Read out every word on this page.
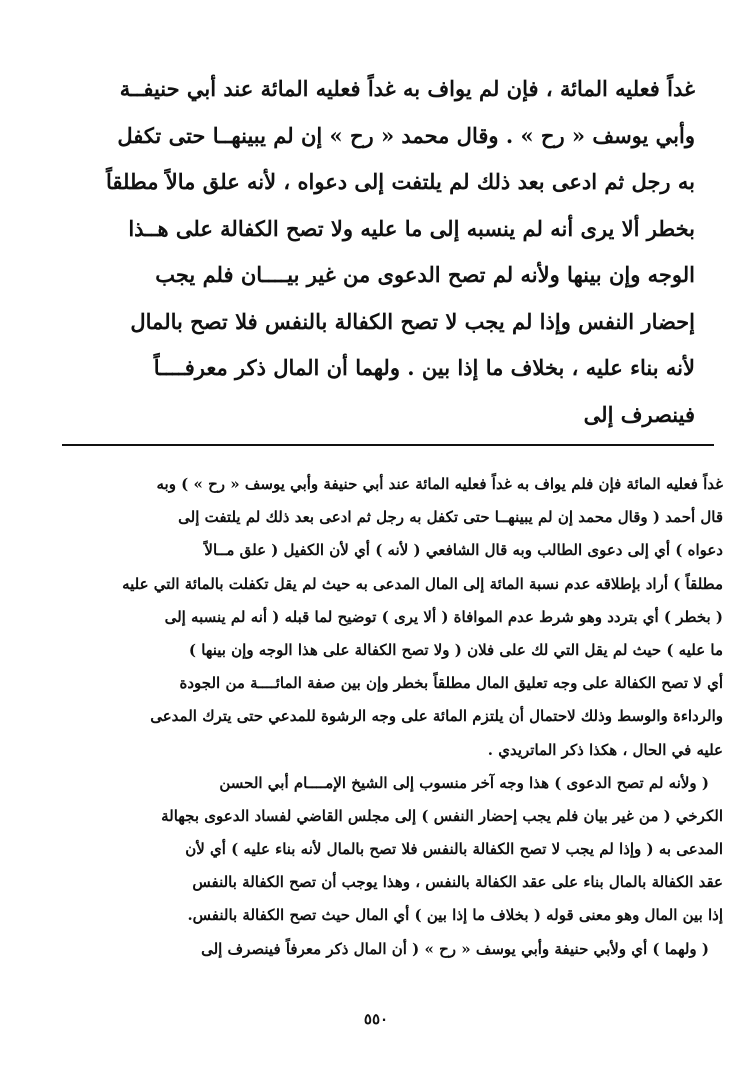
غداً فعليه المائة ، فإن لم يواف به غداً فعليه المائة عند أبي حنيفــة
وأبي يوسف « رح » . وقال محمد « رح » إن لم يبينهــا حتى تكفل
به رجل ثم ادعى بعد ذلك لم يلتفت إلى دعواه ، لأنه علق مالاً مطلقاً
بخطر ألا يرى أنه لم ينسبه إلى ما عليه ولا تصح الكفالة على هــذا
الوجه وإن بينها ولأنه لم تصح الدعوى من غير بيــــان فلم يجب
إحضار النفس وإذا لم يجب لا تصح الكفالة بالنفس فلا تصح بالمال
لأنه بناء عليه ، بخلاف ما إذا بين . ولهما أن المال ذكر معرفــــاً
فينصرف إلى
غداً فعليه المائة فإن فلم يواف به غداً فعليه المائة عند أبي حنيفة وأبي يوسف « رح » ) وبه
قال أحمد ( وقال محمد إن لم يبينهــا حتى تكفل به رجل ثم ادعى بعد ذلك لم يلتفت إلى
دعواه ) أي إلى دعوى الطالب وبه قال الشافعي ( لأنه ) أي لأن الكفيل ( علق مــالاً
مطلقاً ) أراد بإطلاقه عدم نسبة المائة إلى المال المدعى به حيث لم يقل تكفلت بالمائة التي عليه
( بخطر ) أي بتردد وهو شرط عدم الموافاة ( ألا يرى ) توضيح لما قبله ( أنه لم ينسبه إلى
ما عليه ) حيث لم يقل التي لك على فلان ( ولا تصح الكفالة على هذا الوجه وإن بينها )
أي لا تصح الكفالة على وجه تعليق المال مطلقاً بخطر وإن بين صفة المائــــة من الجودة
والرداءة والوسط وذلك لاحتمال أن يلتزم المائة على وجه الرشوة للمدعي حتى يترك المدعى
عليه في الحال ، هكذا ذكر الماتريدي .
( ولأنه لم تصح الدعوى ) هذا وجه آخر منسوب إلى الشيخ الإمــــام أبي الحسن
الكرخي ( من غير بيان فلم يجب إحضار النفس ) إلى مجلس القاضي لفساد الدعوى بجهالة
المدعى به ( وإذا لم يجب لا تصح الكفالة بالنفس فلا تصح بالمال لأنه بناء عليه ) أي لأن
عقد الكفالة بالمال بناء على عقد الكفالة بالنفس ، وهذا يوجب أن تصح الكفالة بالنفس
إذا بين المال وهو معنى قوله ( بخلاف ما إذا بين ) أي المال حيث تصح الكفالة بالنفس.
( ولهما ) أي ولأبي حنيفة وأبي يوسف « رح » ( أن المال ذكر معرفاً فينصرف إلى
٥٥٠
